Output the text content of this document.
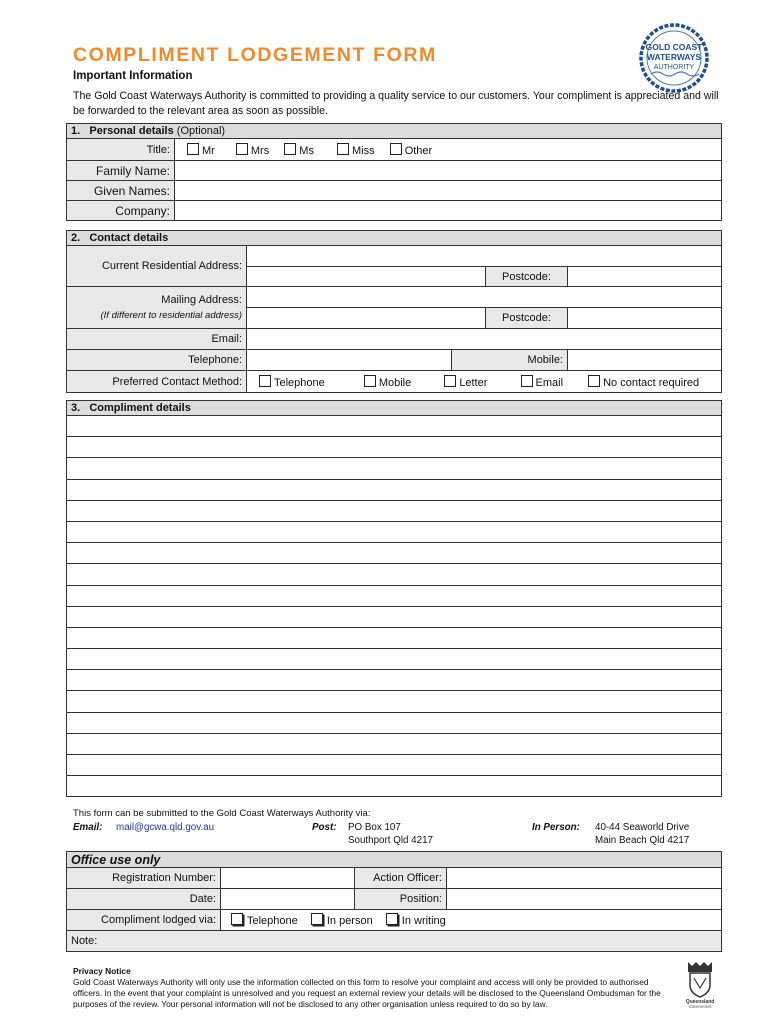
COMPLIMENT LODGEMENT FORM	GOLD COAST
WATERWAYS
AUTHORITY
Important Information
The Gold Coast Waterways Authority is committed to providing a quality service to our customers. Your compliment is appreciated and will be forwarded to the relevant area as soon as possible.
1. Personal details (Optional)	
Title:	Mr Mrs Ms Miss Other
Family Name:	
Given Names:	
Company:	
2. Contact details				
Current Residential Address:				
			Postcode:	

Mailing Address:
(If different to residential address)				

			Postcode:	
Email:				
Telephone:		Mobile:		
Preferred Contact Method:	Telephone Mobile Letter Email No contact required			
3. Compliment details

This form can be submitted to the Gold Coast Waterways Authority via:
Email: mail@gcwa.qld.gov.au	Post: PO Box 107
Southport Qld 4217
In Person: 40-44 Seaworld Drive
Main Beach Qld 4217
Office use only			
Registration Number:		Action Officer:	
Date:		Position:	
Compliment lodged via:	Telephone In person In writing		
Note:			
Privacy Notice
Gold Coast Waterways Authority will only use the information collected on this form to resolve your complaint and access will only be provided to authorised officers. In the event that your complaint is unresolved and you request an external review your details will be disclosed to the Queensland Ombudsman for the purposes of the review. Your personal information will not be disclosed to any other organisation unless required to do so by law.	Queensland
Government
